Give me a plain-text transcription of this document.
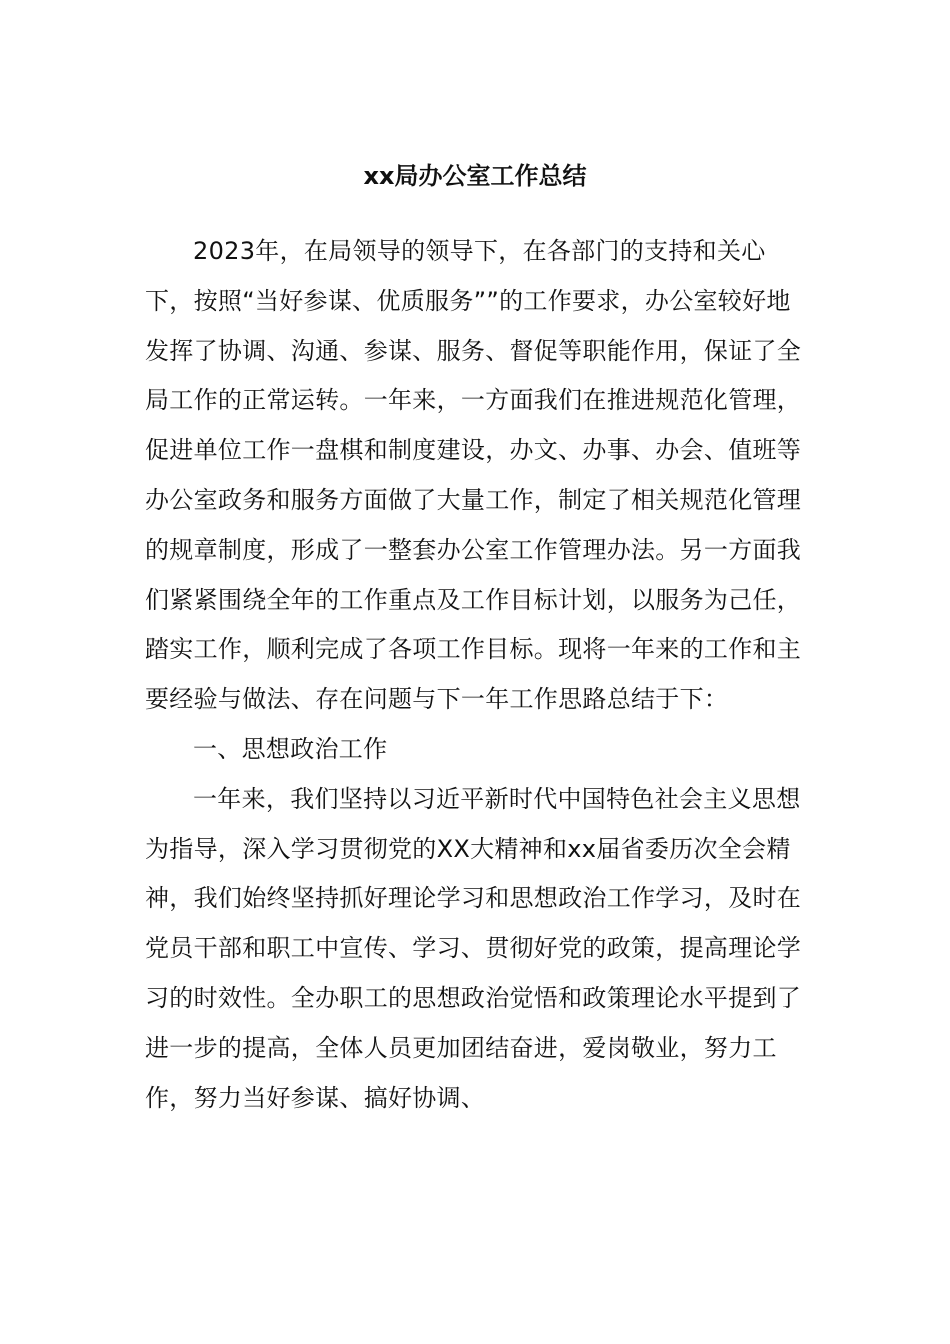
xx局办公室工作总结

2023年，在局领导的领导下，在各部门的支持和关心下，按照“当好参谋、优质服务””的工作要求，办公室较好地发挥了协调、沟通、参谋、服务、督促等职能作用，保证了全局工作的正常运转。一年来，一方面我们在推进规范化管理，促进单位工作一盘棋和制度建设，办文、办事、办会、值班等办公室政务和服务方面做了大量工作，制定了相关规范化管理的规章制度，形成了一整套办公室工作管理办法。另一方面我们紧紧围绕全年的工作重点及工作目标计划，以服务为己任，踏实工作，顺利完成了各项工作目标。现将一年来的工作和主要经验与做法、存在问题与下一年工作思路总结于下：

一、思想政治工作

一年来，我们坚持以习近平新时代中国特色社会主义思想为指导，深入学习贯彻党的XX大精神和xx届省委历次全会精神，我们始终坚持抓好理论学习和思想政治工作学习，及时在党员干部和职工中宣传、学习、贯彻好党的政策，提高理论学习的时效性。全办职工的思想政治觉悟和政策理论水平提到了进一步的提高，全体人员更加团结奋进，爱岗敬业，努力工作，努力当好参谋、搞好协调、
